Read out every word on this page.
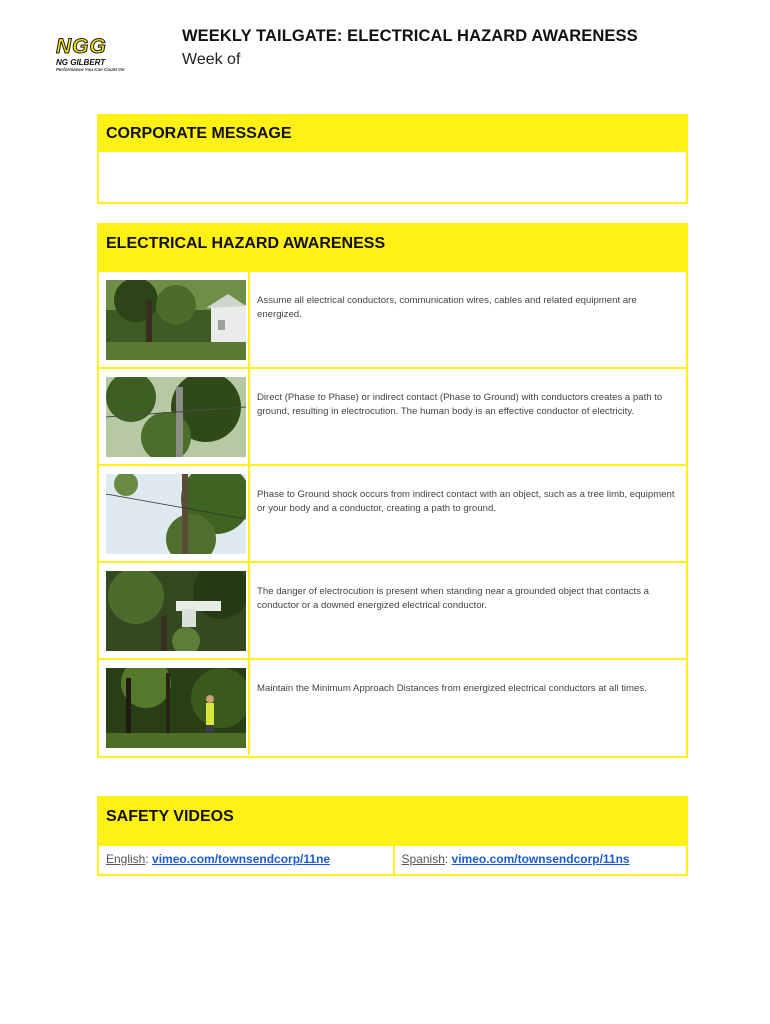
NGG
NG GILBERT
Performance You Can Count On
WEEKLY TAILGATE: ELECTRICAL HAZARD AWARENESS
Week of
CORPORATE MESSAGE
ELECTRICAL HAZARD AWARENESS
Assume all electrical conductors, communication wires, cables and related equipment are energized.
Direct (Phase to Phase) or indirect contact (Phase to Ground) with conductors creates a path to ground, resulting in electrocution. The human body is an effective conductor of electricity.
Phase to Ground shock occurs from indirect contact with an object, such as a tree limb, equipment or your body and a conductor, creating a path to ground.
The danger of electrocution is present when standing near a grounded object that contacts a conductor or a downed energized electrical conductor.
Maintain the Minimum Approach Distances from energized electrical conductors at all times.
SAFETY VIDEOS
English: vimeo.com/townsendcorp/11ne	Spanish: vimeo.com/townsendcorp/11ns
